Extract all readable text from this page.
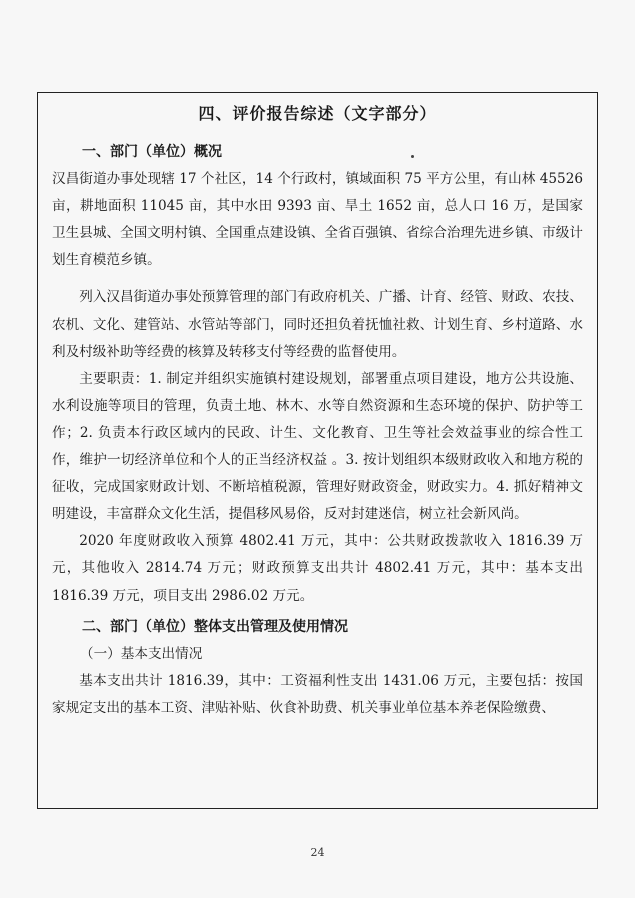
四、评价报告综述（文字部分）
一、部门（单位）概况
汉昌街道办事处现辖 17 个社区，14 个行政村，镇域面积 75 平方公里，有山林 45526 亩，耕地面积 11045 亩，其中水田 9393 亩、旱土 1652 亩，总人口 16 万，是国家卫生县城、全国文明村镇、全国重点建设镇、全省百强镇、省综合治理先进乡镇、市级计划生育模范乡镇。
列入汉昌街道办事处预算管理的部门有政府机关、广播、计育、经管、财政、农技、农机、文化、建管站、水管站等部门，同时还担负着抚恤社救、计划生育、乡村道路、水利及村级补助等经费的核算及转移支付等经费的监督使用。
主要职责：1. 制定并组织实施镇村建设规划，部署重点项目建设，地方公共设施、水利设施等项目的管理，负责土地、林木、水等自然资源和生态环境的保护、防护等工作；2. 负责本行政区域内的民政、计生、文化教育、卫生等社会效益事业的综合性工作，维护一切经济单位和个人的正当经济权益 。3. 按计划组织本级财政收入和地方税的征收，完成国家财政计划、不断培植税源，管理好财政资金，财政实力。4. 抓好精神文明建设，丰富群众文化生活，提倡移风易俗，反对封建迷信，树立社会新风尚。
2020 年度财政收入预算 4802.41 万元，其中：公共财政拨款收入 1816.39 万元，其他收入 2814.74 万元；财政预算支出共计 4802.41 万元，其中：基本支出 1816.39 万元，项目支出 2986.02 万元。
二、部门（单位）整体支出管理及使用情况
（一）基本支出情况
基本支出共计 1816.39，其中：工资福利性支出 1431.06 万元，主要包括：按国家规定支出的基本工资、津贴补贴、伙食补助费、机关事业单位基本养老保险缴费、
24
